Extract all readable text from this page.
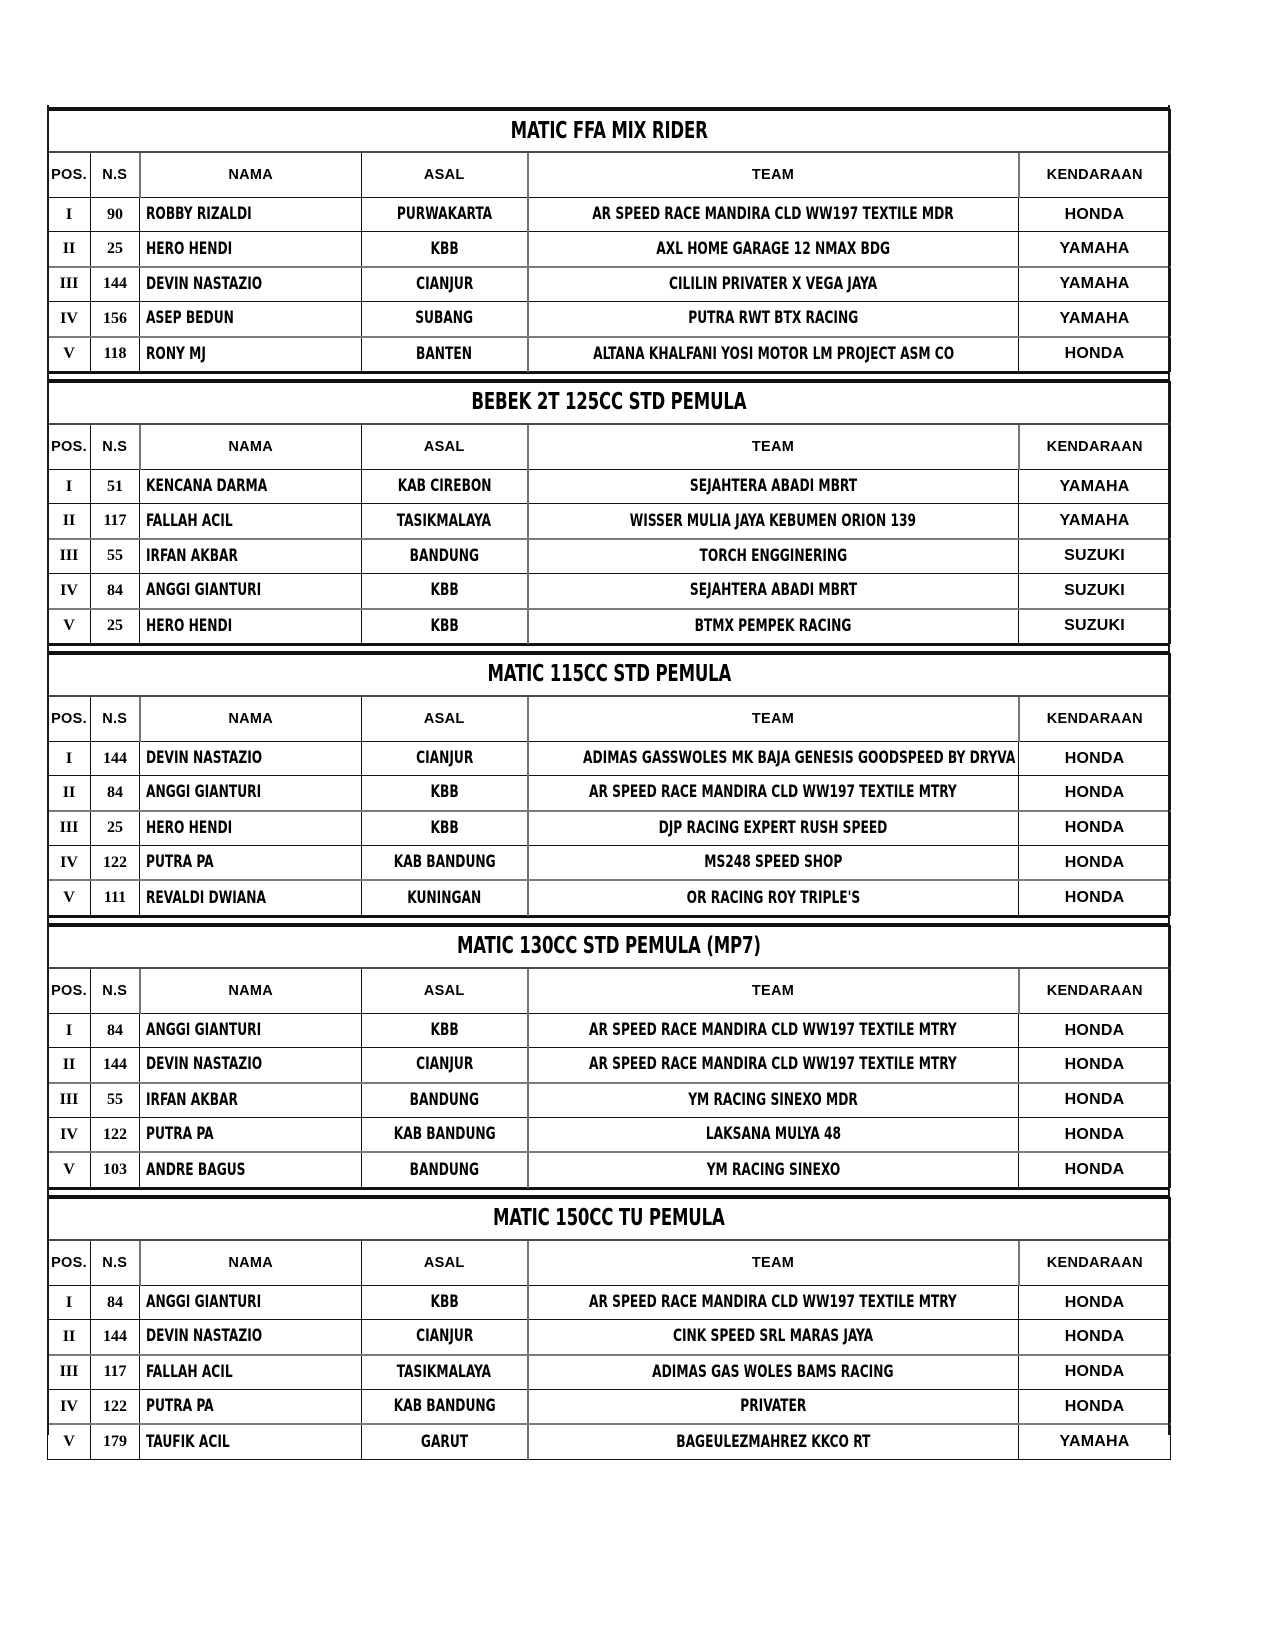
MATIC FFA MIX RIDER					
POS.	N.S	NAMA	ASAL	TEAM	KENDARAAN
I	90	ROBBY RIZALDI	PURWAKARTA	AR SPEED RACE MANDIRA CLD WW197 TEXTILE MDR	HONDA
II	25	HERO HENDI	KBB	AXL HOME GARAGE 12 NMAX BDG	YAMAHA
III	144	DEVIN NASTAZIO	CIANJUR	CILILIN PRIVATER X VEGA JAYA	YAMAHA
IV	156	ASEP BEDUN	SUBANG	PUTRA RWT BTX RACING	YAMAHA
V	118	RONY MJ	BANTEN	ALTANA KHALFANI YOSI MOTOR LM PROJECT ASM CO	HONDA
BEBEK 2T 125CC STD PEMULA					
POS.	N.S	NAMA	ASAL	TEAM	KENDARAAN
I	51	KENCANA DARMA	KAB CIREBON	SEJAHTERA ABADI MBRT	YAMAHA
II	117	FALLAH ACIL	TASIKMALAYA	WISSER MULIA JAYA KEBUMEN ORION 139	YAMAHA
III	55	IRFAN AKBAR	BANDUNG	TORCH ENGGINERING	SUZUKI
IV	84	ANGGI GIANTURI	KBB	SEJAHTERA ABADI MBRT	SUZUKI
V	25	HERO HENDI	KBB	BTMX PEMPEK RACING	SUZUKI
MATIC 115CC STD PEMULA					
POS.	N.S	NAMA	ASAL	TEAM	KENDARAAN
I	144	DEVIN NASTAZIO	CIANJUR	ADIMAS GASSWOLES MK BAJA GENESIS GOODSPEED BY DRYVA	HONDA
II	84	ANGGI GIANTURI	KBB	AR SPEED RACE MANDIRA CLD WW197 TEXTILE MTRY	HONDA
III	25	HERO HENDI	KBB	DJP RACING EXPERT RUSH SPEED	HONDA
IV	122	PUTRA PA	KAB BANDUNG	MS248 SPEED SHOP	HONDA
V	111	REVALDI DWIANA	KUNINGAN	OR RACING ROY TRIPLE'S	HONDA
MATIC 130CC STD PEMULA (MP7)					
POS.	N.S	NAMA	ASAL	TEAM	KENDARAAN
I	84	ANGGI GIANTURI	KBB	AR SPEED RACE MANDIRA CLD WW197 TEXTILE MTRY	HONDA
II	144	DEVIN NASTAZIO	CIANJUR	AR SPEED RACE MANDIRA CLD WW197 TEXTILE MTRY	HONDA
III	55	IRFAN AKBAR	BANDUNG	YM RACING SINEXO MDR	HONDA
IV	122	PUTRA PA	KAB BANDUNG	LAKSANA MULYA 48	HONDA
V	103	ANDRE BAGUS	BANDUNG	YM RACING SINEXO	HONDA
MATIC 150CC TU PEMULA					
POS.	N.S	NAMA	ASAL	TEAM	KENDARAAN
I	84	ANGGI GIANTURI	KBB	AR SPEED RACE MANDIRA CLD WW197 TEXTILE MTRY	HONDA
II	144	DEVIN NASTAZIO	CIANJUR	CINK SPEED SRL MARAS JAYA	HONDA
III	117	FALLAH ACIL	TASIKMALAYA	ADIMAS GAS WOLES BAMS RACING	HONDA
IV	122	PUTRA PA	KAB BANDUNG	PRIVATER	HONDA
V	179	TAUFIK ACIL	GARUT	BAGEULEZMAHREZ KKCO RT	YAMAHA
